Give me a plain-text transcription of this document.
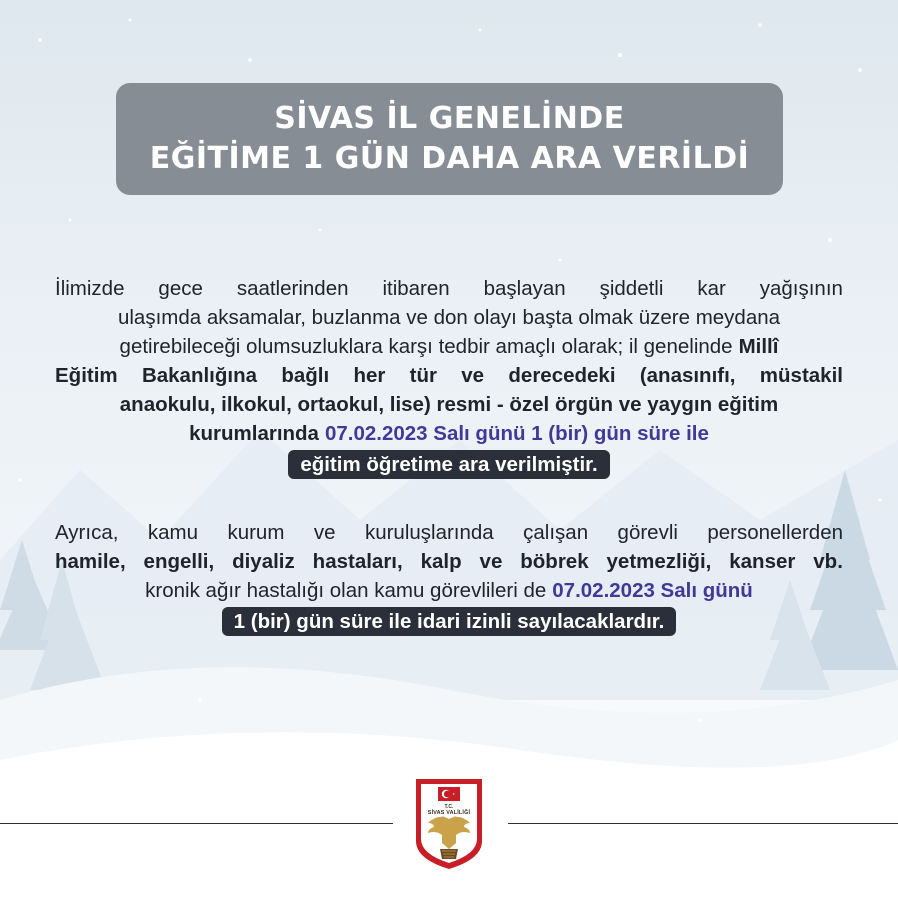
SİVAS İL GENELİNDE
EĞİTİME 1 GÜN DAHA ARA VERİLDİ
İlimizde gece saatlerinden itibaren başlayan şiddetli kar yağışının
ulaşımda aksamalar, buzlanma ve don olayı başta olmak üzere meydana
getirebileceği olumsuzluklara karşı tedbir amaçlı olarak; il genelinde Millî
Eğitim Bakanlığına bağlı her tür ve derecedeki (anasınıfı, müstakil
anaokulu, ilkokul, ortaokul, lise) resmi - özel örgün ve yaygın eğitim
kurumlarında 07.02.2023 Salı günü 1 (bir) gün süre ile
eğitim öğretime ara verilmiştir.
Ayrıca, kamu kurum ve kuruluşlarında çalışan görevli personellerden
hamile, engelli, diyaliz hastaları, kalp ve böbrek yetmezliği, kanser vb.
kronik ağır hastalığı olan kamu görevlileri de 07.02.2023 Salı günü
1 (bir) gün süre ile idari izinli sayılacaklardır.
T.C.
SİVAS VALİLİĞİ
